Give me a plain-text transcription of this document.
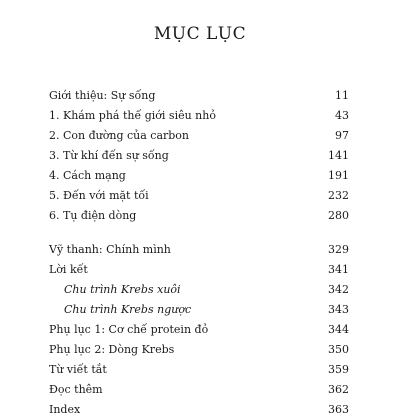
MỤC LỤC
Giới thiệu: Sự sống	11
1. Khám phá thế giới siêu nhỏ	43
2. Con đường của carbon	97
3. Từ khí đến sự sống	141
4. Cách mạng	191
5. Đến với mặt tối	232
6. Tụ điện dòng	280
Vỹ thanh: Chính mình	329
Lời kết	341
Chu trình Krebs xuôi	342
Chu trình Krebs ngược	343
Phụ lục 1: Cơ chế protein đỏ	344
Phụ lục 2: Dòng Krebs	350
Từ viết tắt	359
Đọc thêm	362
Index	363
